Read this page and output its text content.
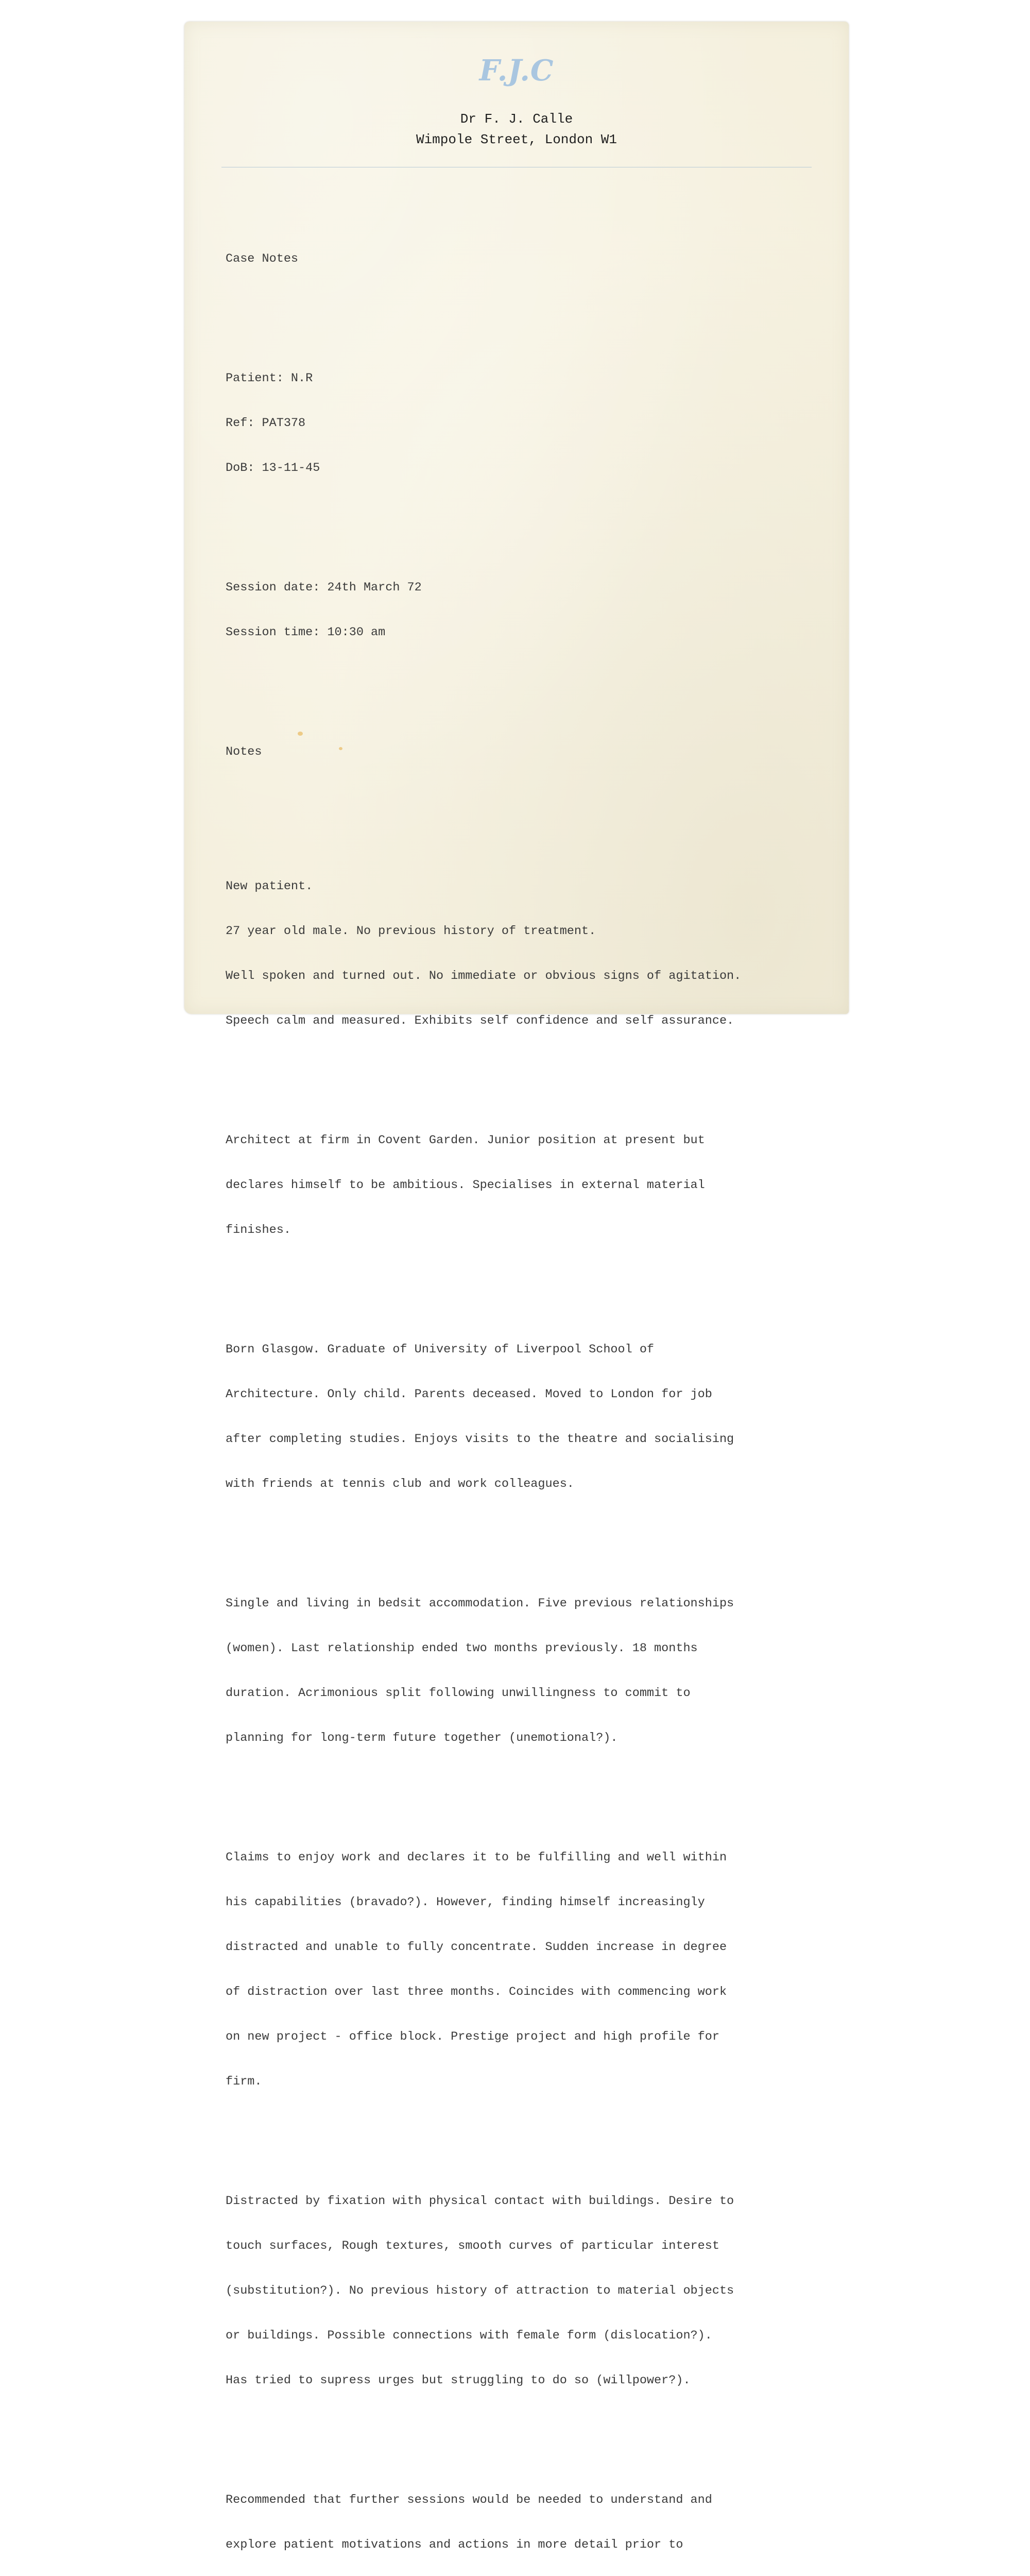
F.J.C
Dr F. J. Calle
Wimpole Street, London W1

Case Notes

Patient: N.R

Ref: PAT378

DoB: 13-11-45

Session date: 24th March 72

Session time: 10:30 am

Notes

New patient.

27 year old male. No previous history of treatment.

Well spoken and turned out. No immediate or obvious signs of agitation.

Speech calm and measured. Exhibits self confidence and self assurance.

Architect at firm in Covent Garden. Junior position at present but

declares himself to be ambitious. Specialises in external material

finishes.

Born Glasgow. Graduate of University of Liverpool School of

Architecture. Only child. Parents deceased. Moved to London for job

after completing studies. Enjoys visits to the theatre and socialising

with friends at tennis club and work colleagues.

Single and living in bedsit accommodation. Five previous relationships

(women). Last relationship ended two months previously. 18 months

duration. Acrimonious split following unwillingness to commit to

planning for long-term future together (unemotional?).

Claims to enjoy work and declares it to be fulfilling and well within

his capabilities (bravado?). However, finding himself increasingly

distracted and unable to fully concentrate. Sudden increase in degree

of distraction over last three months. Coincides with commencing work

on new project - office block. Prestige project and high profile for

firm.

Distracted by fixation with physical contact with buildings. Desire to

touch surfaces, Rough textures, smooth curves of particular interest

(substitution?). No previous history of attraction to material objects

or buildings. Possible connections with female form (dislocation?).

Has tried to supress urges but struggling to do so (willpower?).

Recommended that further sessions would be needed to understand and

explore patient motivations and actions in more detail prior to
